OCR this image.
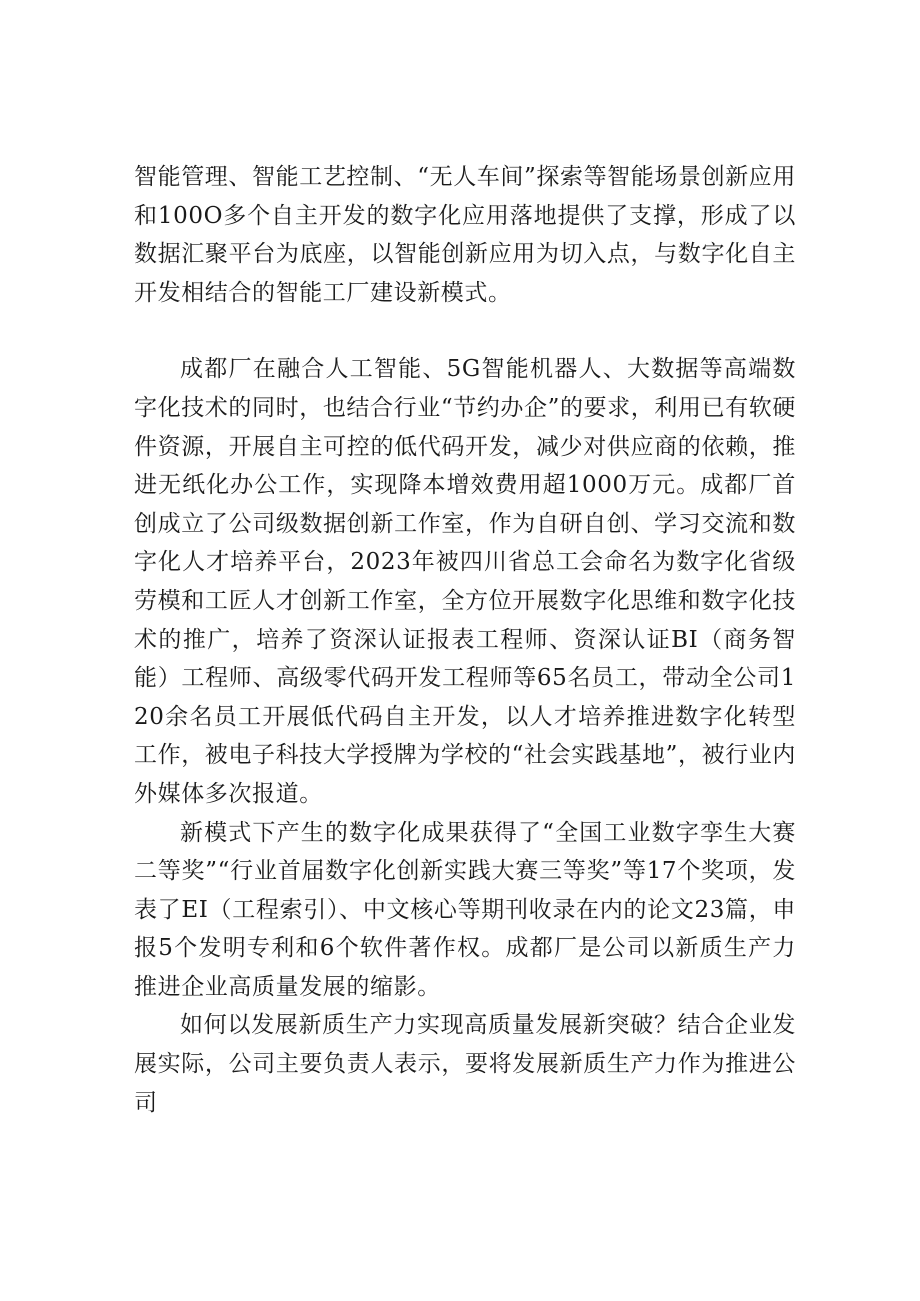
智能管理、智能工艺控制、“无人车间”探索等智能场景创新应用和100O多个自主开发的数字化应用落地提供了支撑，形成了以数据汇聚平台为底座，以智能创新应用为切入点，与数字化自主开发相结合的智能工厂建设新模式。

成都厂在融合人工智能、5G智能机器人、大数据等高端数字化技术的同时，也结合行业“节约办企”的要求，利用已有软硬件资源，开展自主可控的低代码开发，减少对供应商的依赖，推进无纸化办公工作，实现降本增效费用超1000万元。成都厂首创成立了公司级数据创新工作室，作为自研自创、学习交流和数字化人才培养平台，2023年被四川省总工会命名为数字化省级劳模和工匠人才创新工作室，全方位开展数字化思维和数字化技术的推广，培养了资深认证报表工程师、资深认证BI（商务智能）工程师、高级零代码开发工程师等65名员工，带动全公司120余名员工开展低代码自主开发，以人才培养推进数字化转型工作，被电子科技大学授牌为学校的“社会实践基地”，被行业内外媒体多次报道。

新模式下产生的数字化成果获得了“全国工业数字孪生大赛二等奖”“行业首届数字化创新实践大赛三等奖”等17个奖项，发表了EI（工程索引）、中文核心等期刊收录在内的论文23篇，申报5个发明专利和6个软件著作权。成都厂是公司以新质生产力推进企业高质量发展的缩影。

如何以发展新质生产力实现高质量发展新突破？结合企业发展实际，公司主要负责人表示，要将发展新质生产力作为推进公司
